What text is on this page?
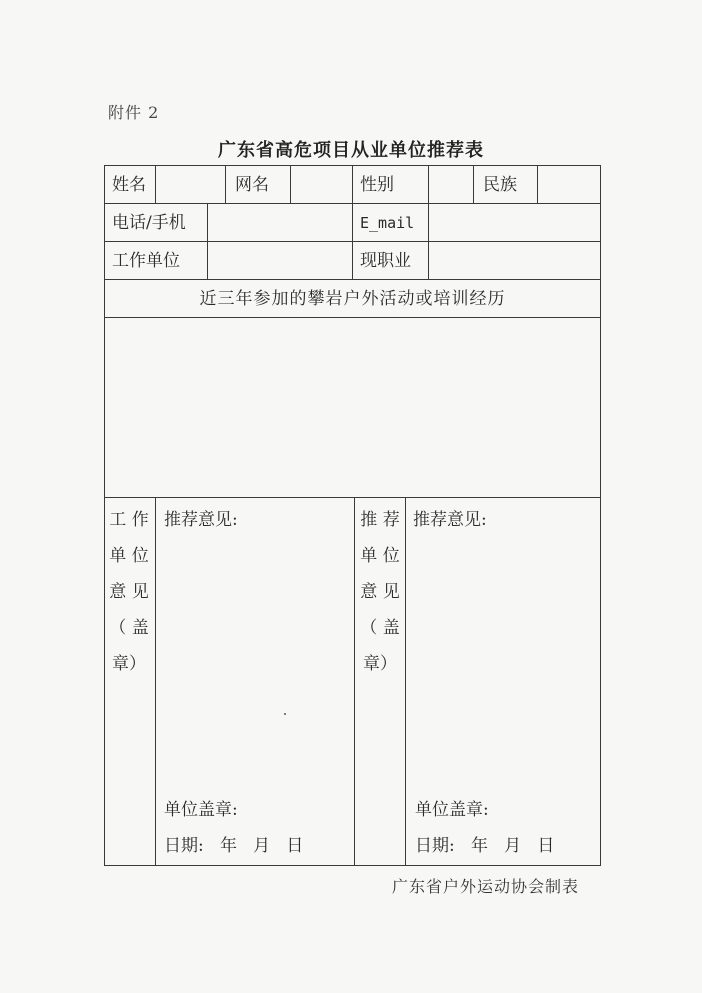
附件 2
广东省高危项目从业单位推荐表
姓名	网名	性别	民族
电话/手机	E_mail
工作单位	现职业
近三年参加的攀岩户外活动或培训经历
工 作
单 位
意 见
（ 盖
章）
推荐意见:
单位盖章:
日期:   年   月   日
推 荐
单 位
意 见
（ 盖
章）
推荐意见:
单位盖章:
日期:   年   月   日
广东省户外运动协会制表
